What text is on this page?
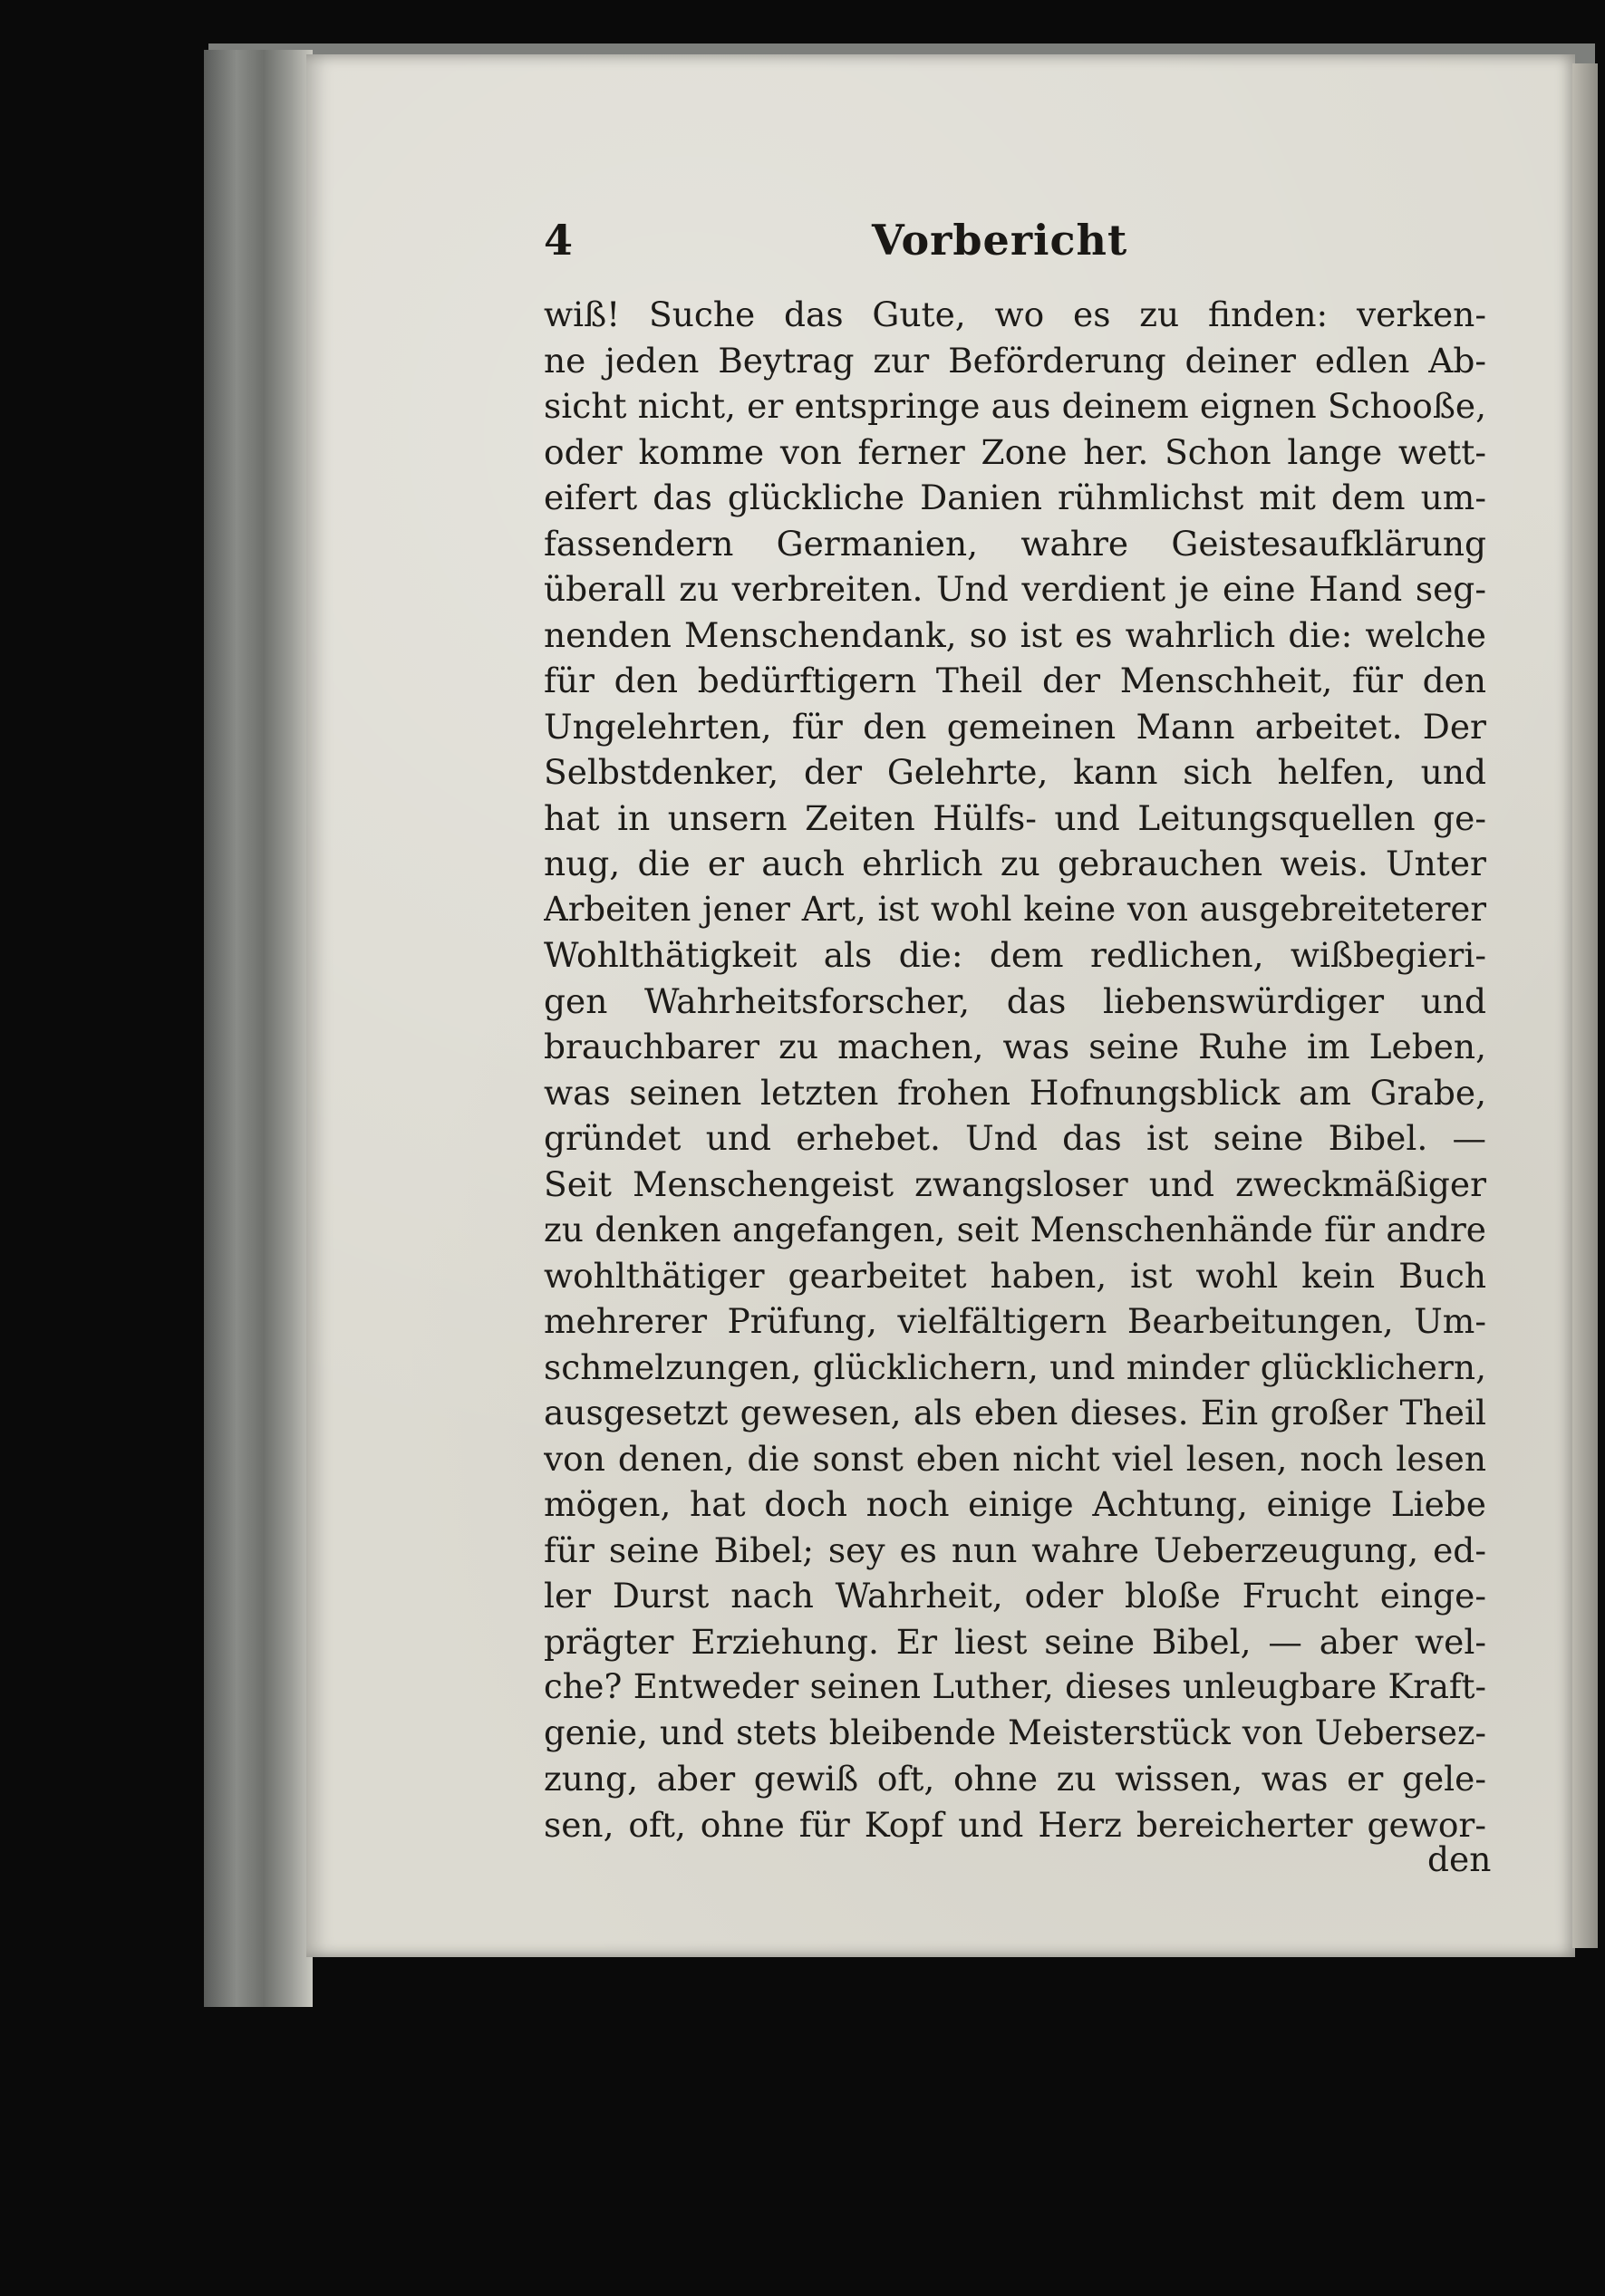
4	Vorbericht
wiß! Suche das Gute, wo es zu finden: verken-
ne jeden Beytrag zur Beförderung deiner edlen Ab-
sicht nicht, er entspringe aus deinem eignen Schooße,
oder komme von ferner Zone her. Schon lange wett-
eifert das glückliche Danien rühmlichst mit dem um-
fassendern Germanien, wahre Geistesaufklärung
überall zu verbreiten. Und verdient je eine Hand seg-
nenden Menschendank, so ist es wahrlich die: welche
für den bedürftigern Theil der Menschheit, für den
Ungelehrten, für den gemeinen Mann arbeitet. Der
Selbstdenker, der Gelehrte, kann sich helfen, und
hat in unsern Zeiten Hülfs- und Leitungsquellen ge-
nug, die er auch ehrlich zu gebrauchen weis. Unter
Arbeiten jener Art, ist wohl keine von ausgebreiteterer
Wohlthätigkeit als die: dem redlichen, wißbegieri-
gen Wahrheitsforscher, das liebenswürdiger und
brauchbarer zu machen, was seine Ruhe im Leben,
was seinen letzten frohen Hofnungsblick am Grabe,
gründet und erhebet. Und das ist seine Bibel. —
Seit Menschengeist zwangsloser und zweckmäßiger
zu denken angefangen, seit Menschenhände für andre
wohlthätiger gearbeitet haben, ist wohl kein Buch
mehrerer Prüfung, vielfältigern Bearbeitungen, Um-
schmelzungen, glücklichern, und minder glücklichern,
ausgesetzt gewesen, als eben dieses. Ein großer Theil
von denen, die sonst eben nicht viel lesen, noch lesen
mögen, hat doch noch einige Achtung, einige Liebe
für seine Bibel; sey es nun wahre Ueberzeugung, ed-
ler Durst nach Wahrheit, oder bloße Frucht einge-
prägter Erziehung. Er liest seine Bibel, — aber wel-
che? Entweder seinen Luther, dieses unleugbare Kraft-
genie, und stets bleibende Meisterstück von Uebersez-
zung, aber gewiß oft, ohne zu wissen, was er gele-
sen, oft, ohne für Kopf und Herz bereicherter gewor-
den
